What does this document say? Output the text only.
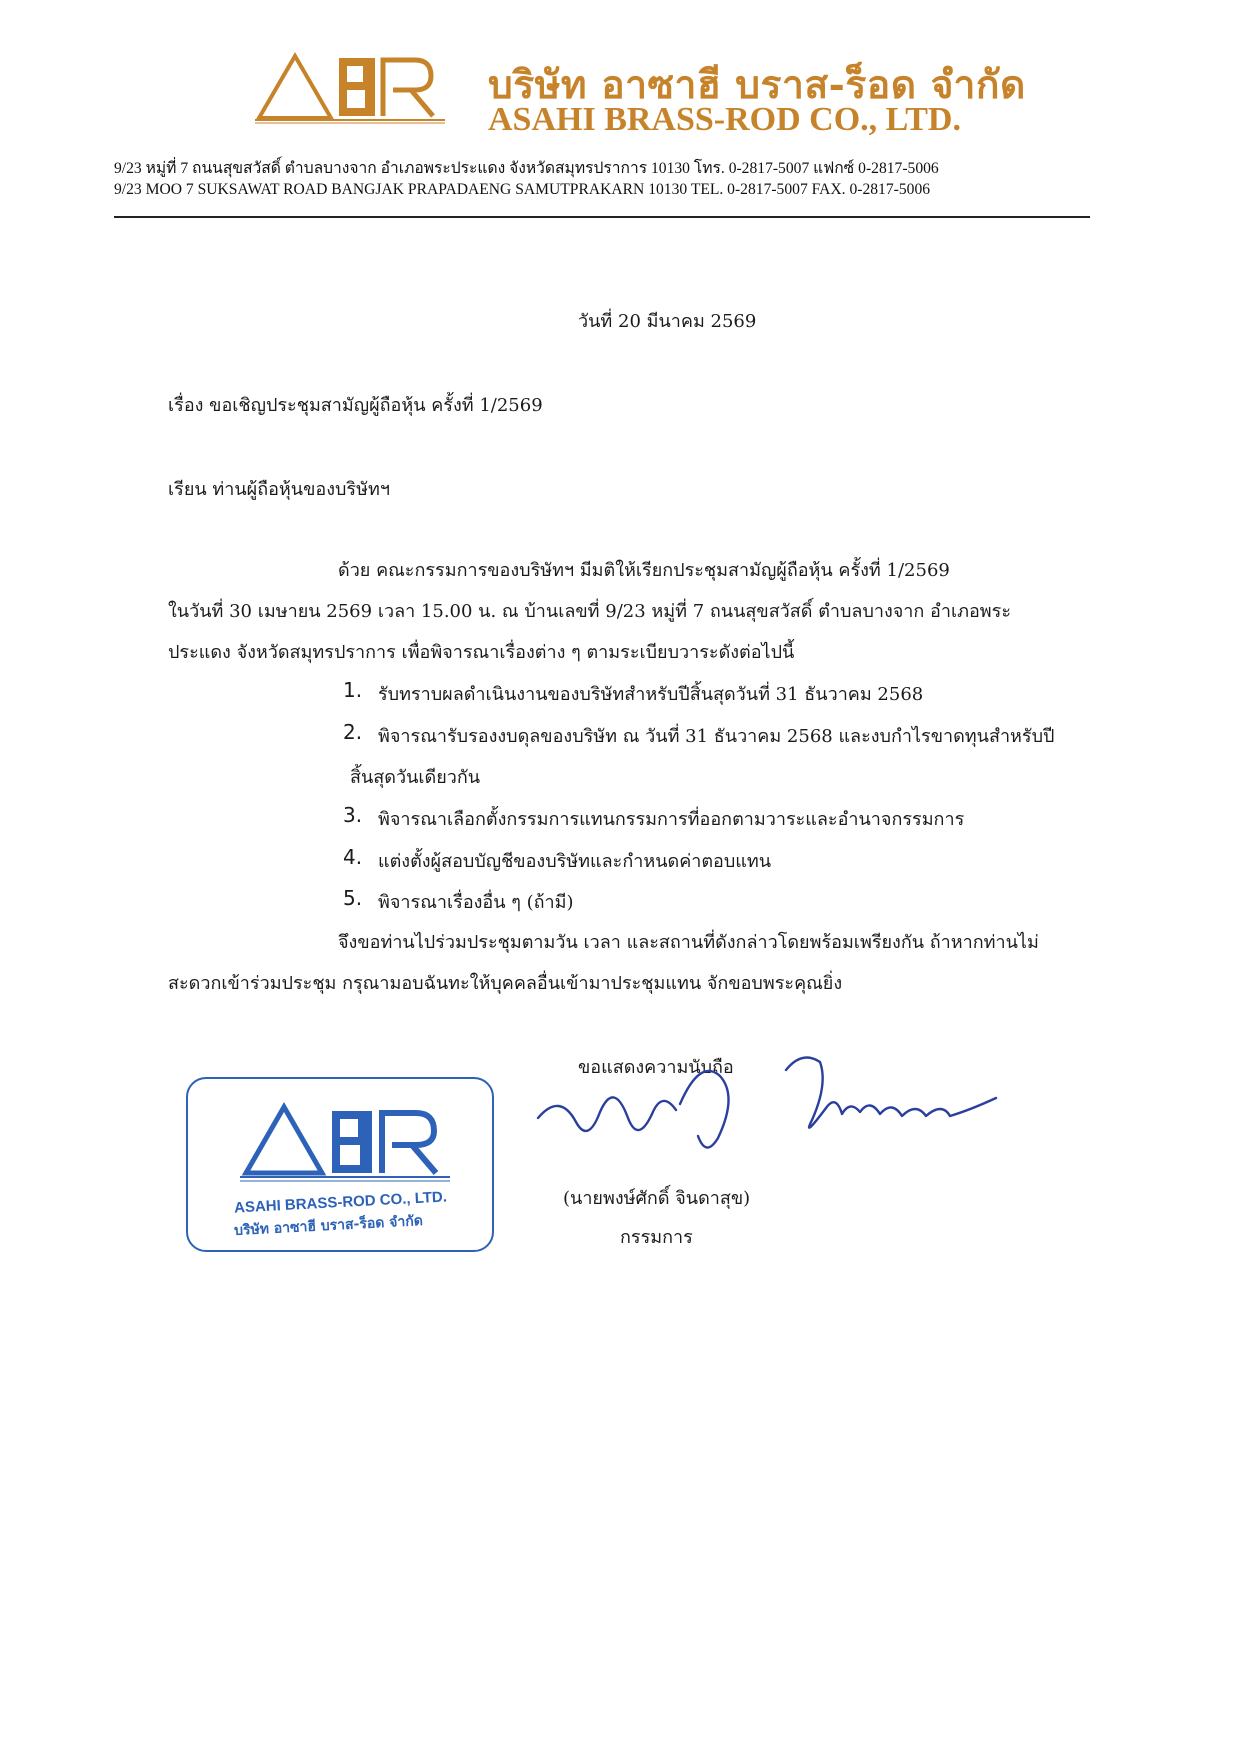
บริษัท อาซาฮี บราส-ร็อด จำกัด
ASAHI BRASS-ROD CO., LTD.
9/23 หมู่ที่ 7 ถนนสุขสวัสดิ์ ตำบลบางจาก อำเภอพระประแดง จังหวัดสมุทรปราการ 10130 โทร. 0-2817-5007 แฟกซ์ 0-2817-5006
9/23 MOO 7 SUKSAWAT ROAD BANGJAK PRAPADAENG SAMUTPRAKARN 10130 TEL. 0-2817-5007 FAX. 0-2817-5006
วันที่ 20 มีนาคม 2569
เรื่อง ขอเชิญประชุมสามัญผู้ถือหุ้น ครั้งที่ 1/2569
เรียน ท่านผู้ถือหุ้นของบริษัทฯ
ด้วย คณะกรรมการของบริษัทฯ มีมติให้เรียกประชุมสามัญผู้ถือหุ้น ครั้งที่ 1/2569
ในวันที่ 30 เมษายน 2569 เวลา 15.00 น. ณ บ้านเลขที่ 9/23 หมู่ที่ 7 ถนนสุขสวัสดิ์ ตำบลบางจาก อำเภอพระ
ประแดง จังหวัดสมุทรปราการ เพื่อพิจารณาเรื่องต่าง ๆ ตามระเบียบวาระดังต่อไปนี้
1. รับทราบผลดำเนินงานของบริษัทสำหรับปีสิ้นสุดวันที่ 31 ธันวาคม 2568
2. พิจารณารับรองงบดุลของบริษัท ณ วันที่ 31 ธันวาคม 2568 และงบกำไรขาดทุนสำหรับปี
สิ้นสุดวันเดียวกัน
3. พิจารณาเลือกตั้งกรรมการแทนกรรมการที่ออกตามวาระและอำนาจกรรมการ
4. แต่งตั้งผู้สอบบัญชีของบริษัทและกำหนดค่าตอบแทน
5. พิจารณาเรื่องอื่น ๆ (ถ้ามี)
จึงขอท่านไปร่วมประชุมตามวัน เวลา และสถานที่ดังกล่าวโดยพร้อมเพรียงกัน ถ้าหากท่านไม่
สะดวกเข้าร่วมประชุม กรุณามอบฉันทะให้บุคคลอื่นเข้ามาประชุมแทน จักขอบพระคุณยิ่ง
ขอแสดงความนับถือ
(นายพงษ์ศักดิ์ จินดาสุข)
กรรมการ
ASAHI BRASS-ROD CO., LTD.
บริษัท อาซาฮี บราส-ร็อด จำกัด
